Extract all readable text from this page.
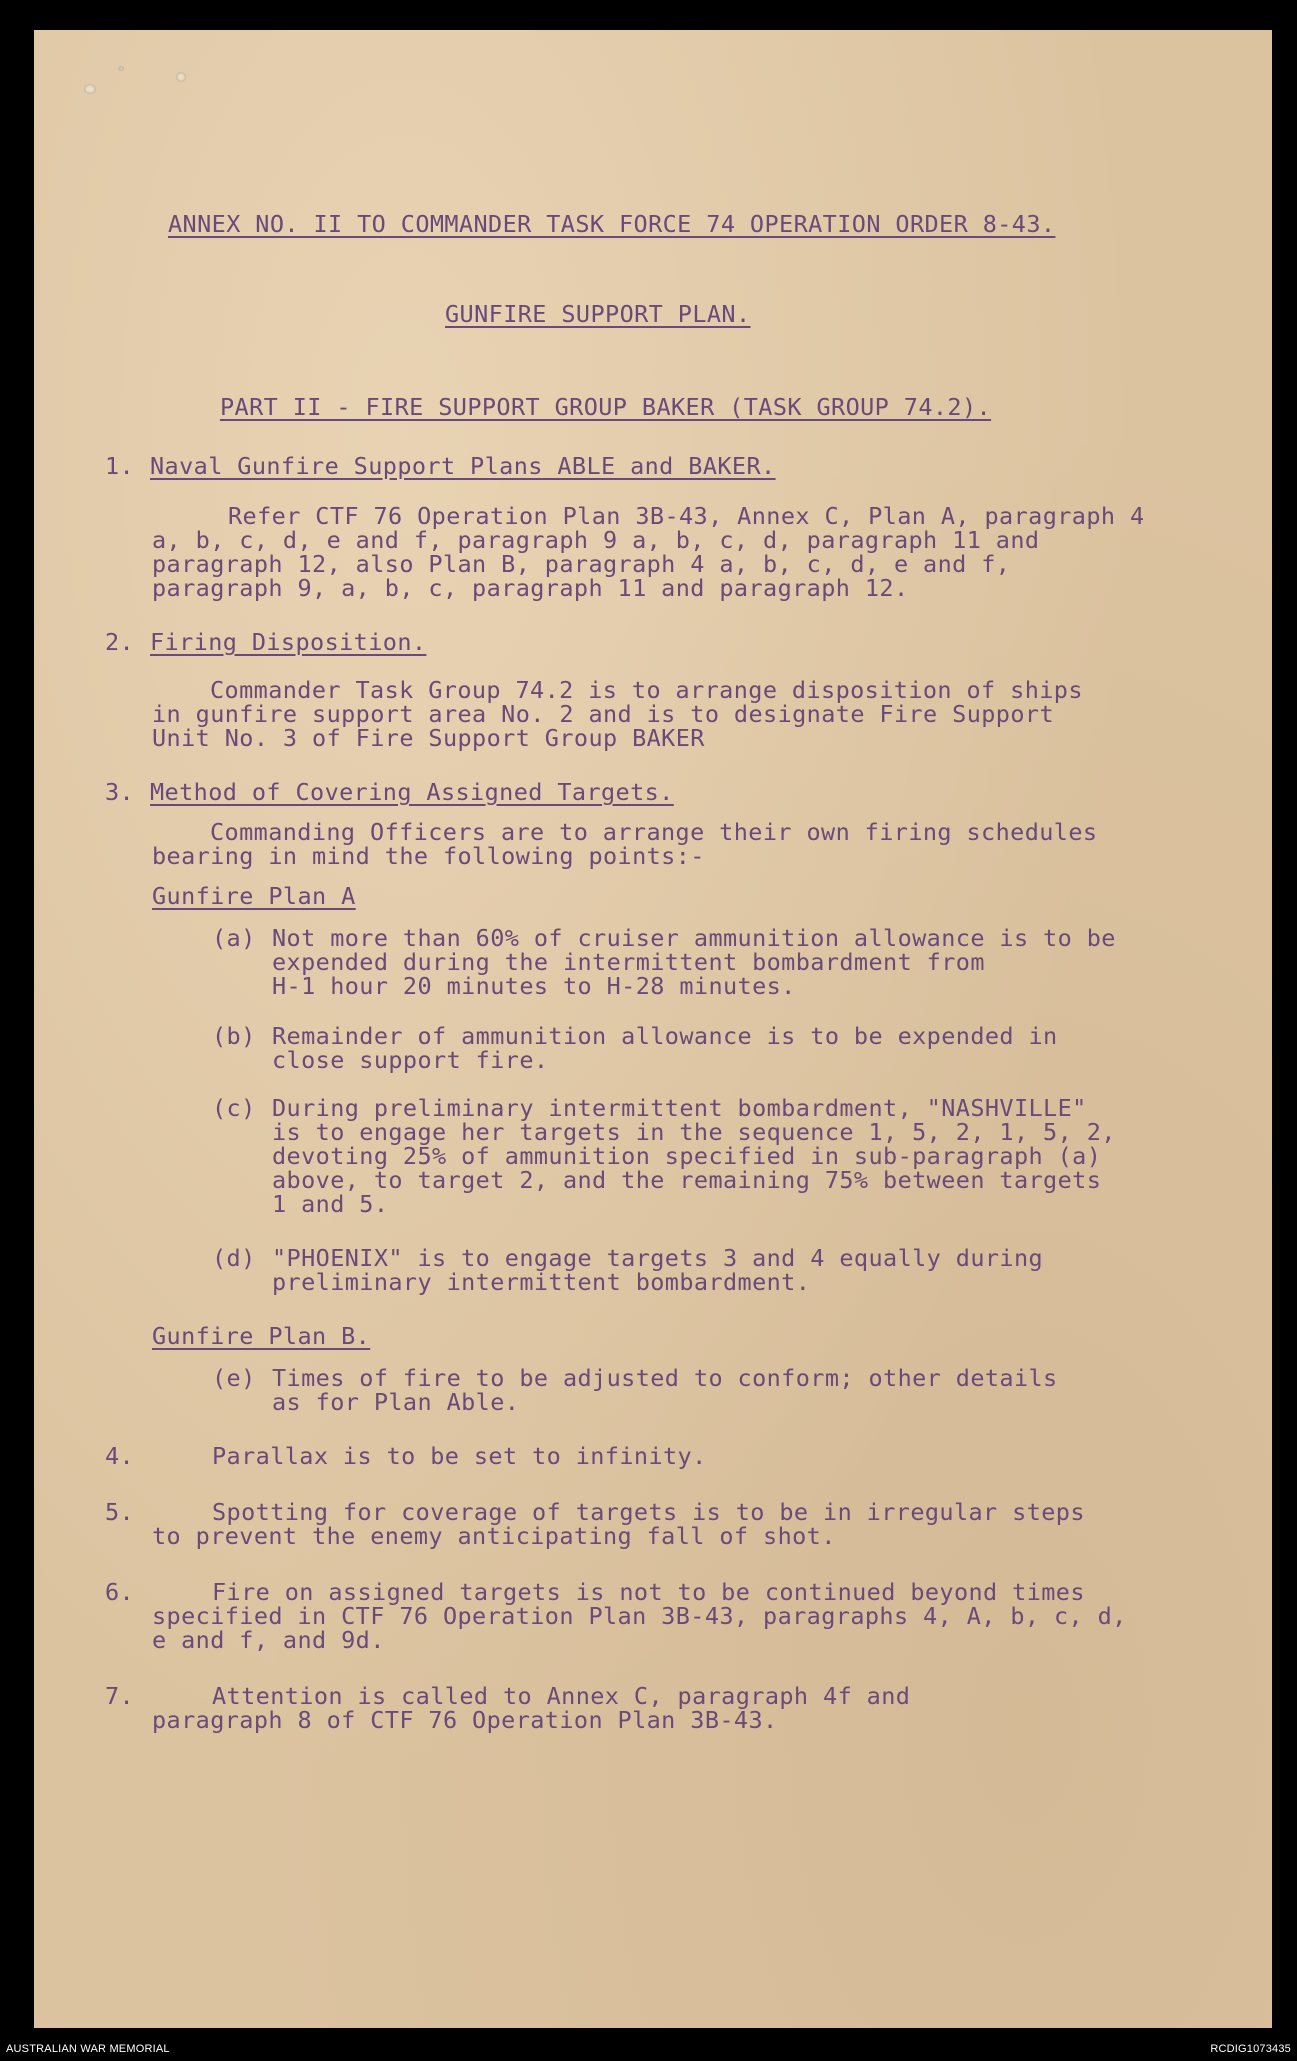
ANNEX NO. II TO COMMANDER TASK FORCE 74 OPERATION ORDER 8-43.
GUNFIRE SUPPORT PLAN.
PART II - FIRE SUPPORT GROUP BAKER (TASK GROUP 74.2).
1. Naval Gunfire Support Plans ABLE and BAKER.
Refer CTF 76 Operation Plan 3B-43, Annex C, Plan A, paragraph 4
a, b, c, d, e and f, paragraph 9 a, b, c, d, paragraph 11 and
paragraph 12, also Plan B, paragraph 4 a, b, c, d, e and f,
paragraph 9, a, b, c, paragraph 11 and paragraph 12.
2. Firing Disposition.
Commander Task Group 74.2 is to arrange disposition of ships
in gunfire support area No. 2 and is to designate Fire Support
Unit No. 3 of Fire Support Group BAKER
3. Method of Covering Assigned Targets.
Commanding Officers are to arrange their own firing schedules
bearing in mind the following points:-
Gunfire Plan A
(a) Not more than 60% of cruiser ammunition allowance is to be
expended during the intermittent bombardment from
H-1 hour 20 minutes to H-28 minutes.
(b) Remainder of ammunition allowance is to be expended in
close support fire.
(c) During preliminary intermittent bombardment, "NASHVILLE"
is to engage her targets in the sequence 1, 5, 2, 1, 5, 2,
devoting 25% of ammunition specified in sub-paragraph (a)
above, to target 2, and the remaining 75% between targets
1 and 5.
(d) "PHOENIX" is to engage targets 3 and 4 equally during
preliminary intermittent bombardment.
Gunfire Plan B.
(e) Times of fire to be adjusted to conform; other details
as for Plan Able.
4.	Parallax is to be set to infinity.
5.	Spotting for coverage of targets is to be in irregular steps
to prevent the enemy anticipating fall of shot.
6.	Fire on assigned targets is not to be continued beyond times
specified in CTF 76 Operation Plan 3B-43, paragraphs 4, A, b, c, d,
e and f, and 9d.
7.	Attention is called to Annex C, paragraph 4f and
paragraph 8 of CTF 76 Operation Plan 3B-43.
AUSTRALIAN WAR MEMORIAL	RCDIG1073435
